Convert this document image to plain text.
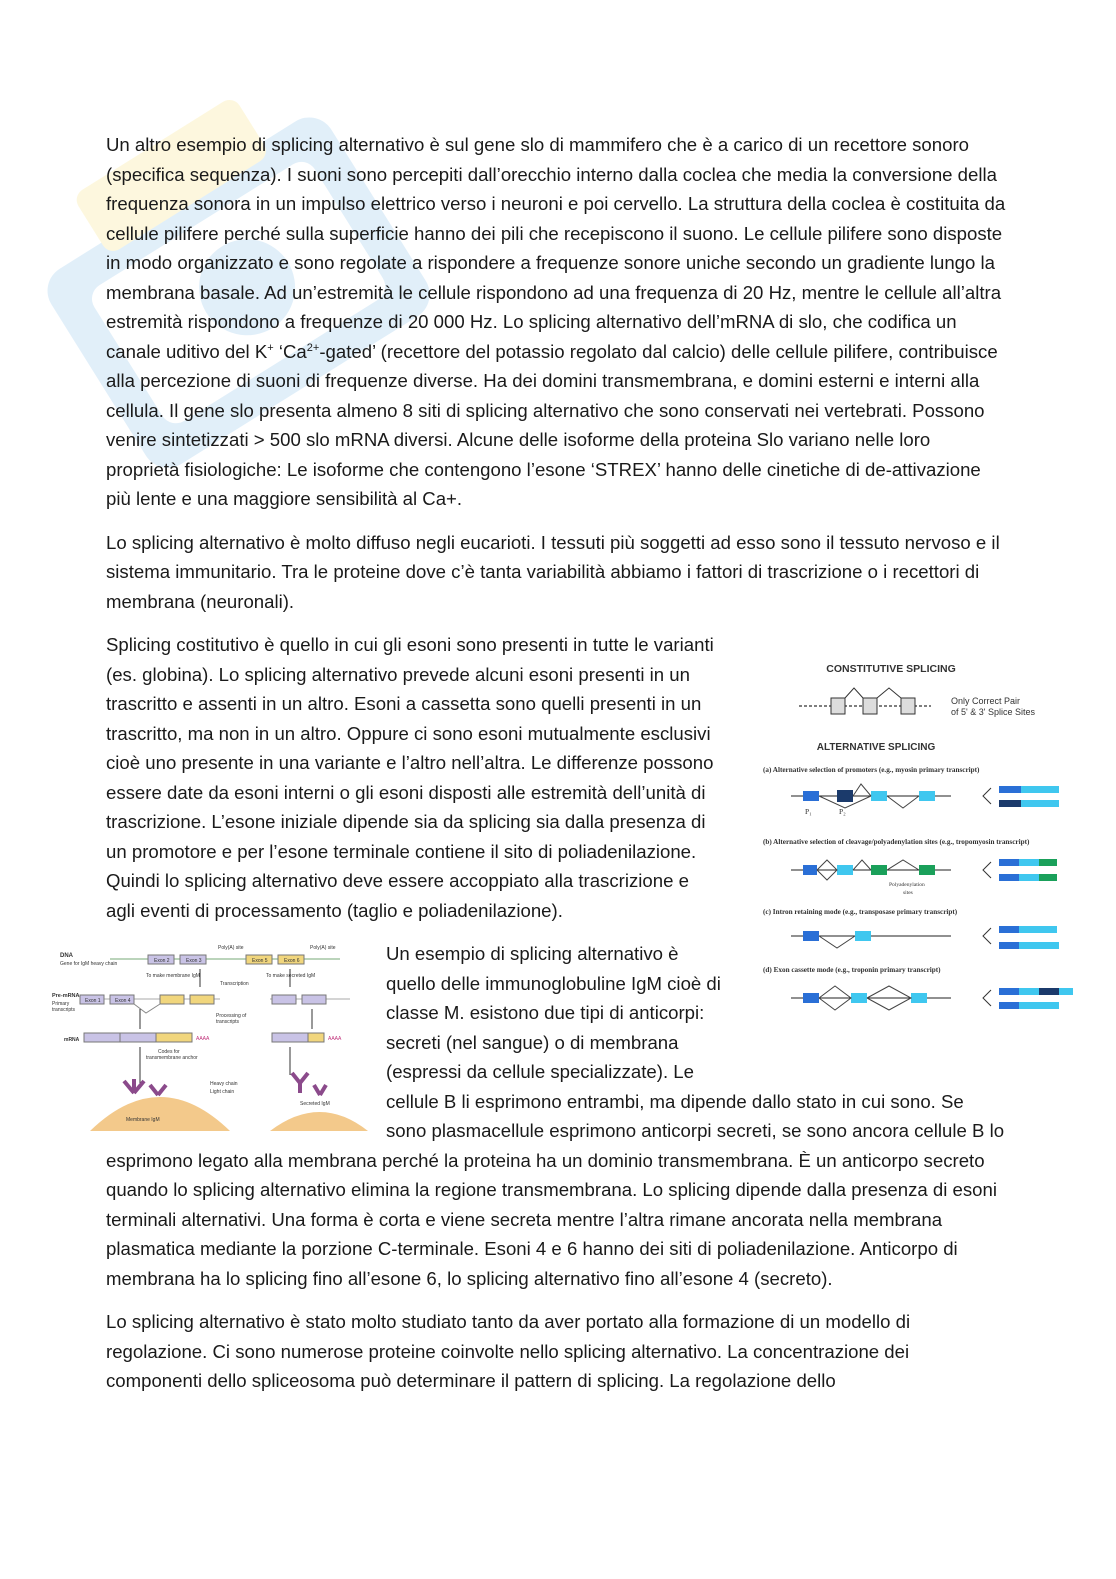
Un altro esempio di splicing alternativo è sul gene slo di mammifero che è a carico di un recettore sonoro (specifica sequenza). I suoni sono percepiti dall’orecchio interno dalla coclea che media la conversione della frequenza sonora in un impulso elettrico verso i neuroni e poi cervello. La struttura della coclea è costituita da cellule pilifere perché sulla superficie hanno dei pili che recepiscono il suono. Le cellule pilifere sono disposte in modo organizzato e sono regolate a rispondere a frequenze sonore uniche secondo un gradiente lungo la membrana basale. Ad un’estremità le cellule rispondono ad una frequenza di 20 Hz, mentre le cellule all’altra estremità rispondono a frequenze di 20 000 Hz. Lo splicing alternativo dell’mRNA di slo, che codifica un canale uditivo del K+ ‘$Ca^{2+}$-gated’ (recettore del potassio regolato dal calcio) delle cellule pilifere, contribuisce alla percezione di suoni di frequenze diverse. Ha dei domini transmembrana, e domini esterni e interni alla cellula. Il gene slo presenta almeno 8 siti di splicing alternativo che sono conservati nei vertebrati. Possono venire sintetizzati > 500 slo mRNA diversi. Alcune delle isoforme della proteina Slo variano nelle loro proprietà fisiologiche: Le isoforme che contengono l’esone ‘STREX’ hanno delle cinetiche di de-attivazione più lente e una maggiore sensibilità al Ca+.

Lo splicing alternativo è molto diffuso negli eucarioti. I tessuti più soggetti ad esso sono il tessuto nervoso e il sistema immunitario. Tra le proteine dove c’è tanta variabilità abbiamo i fattori di trascrizione o i recettori di membrana (neuronali).

CONSTITUTIVE SPLICING
Only Correct Pair
of 5' & 3' Splice Sites
ALTERNATIVE SPLICING
(a) Alternative selection of promoters (e.g., myosin primary transcript)
P₁	P₂
(b) Alternative selection of cleavage/polyadenylation sites (e.g., tropomyosin transcript)
Polyadenylation
sites
(c) Intron retaining mode (e.g., transposase primary transcript)
(d) Exon cassette mode (e.g., troponin primary transcript)

Splicing costitutivo è quello in cui gli esoni sono presenti in tutte le varianti (es. globina). Lo splicing alternativo prevede alcuni esoni presenti in un trascritto e assenti in un altro. Esoni a cassetta sono quelli presenti in un trascritto, ma non in un altro. Oppure ci sono esoni mutualmente esclusivi cioè uno presente in una variante e l’altro nell’altra. Le differenze possono essere date da esoni interni o gli esoni disposti alle estremità dell’unità di trascrizione. L’esone iniziale dipende sia da splicing sia dalla presenza di un promotore e per l’esone terminale contiene il sito di poliadenilazione. Quindi lo splicing alternativo deve essere accoppiato alla trascrizione e agli eventi di processamento (taglio e poliadenilazione).

DNA
Gene for IgM heavy chain	Exon 2	Exon 3	Exon 5	Exon 6
Poly(A) site	Poly(A) site
To make membrane IgM	To make secreted IgM
Transcription
Pre-mRNA
Primary
transcripts
Exon 1	Exon 4
Processing of
transcripts
mRNA	AAAA	AAAA
Codes for
transmembrane anchor
Heavy chain
Light chain
Membrane IgM
Secreted IgM

Un esempio di splicing alternativo è quello delle immunoglobuline IgM cioè di classe M. esistono due tipi di anticorpi: secreti (nel sangue) o di membrana (espressi da cellule specializzate). Le cellule B li esprimono entrambi, ma dipende dallo stato in cui sono. Se sono plasmacellule esprimono anticorpi secreti, se sono ancora cellule B lo esprimono legato alla membrana perché la proteina ha un dominio transmembrana. È un anticorpo secreto quando lo splicing alternativo elimina la regione transmembrana. Lo splicing dipende dalla presenza di esoni terminali alternativi. Una forma è corta e viene secreta mentre l’altra rimane ancorata nella membrana plasmatica mediante la porzione C-terminale. Esoni 4 e 6 hanno dei siti di poliadenilazione. Anticorpo di membrana ha lo splicing fino all’esone 6, lo splicing alternativo fino all’esone 4 (secreto).

Lo splicing alternativo è stato molto studiato tanto da aver portato alla formazione di un modello di regolazione. Ci sono numerose proteine coinvolte nello splicing alternativo. La concentrazione dei componenti dello spliceosoma può determinare il pattern di splicing. La regolazione dello
